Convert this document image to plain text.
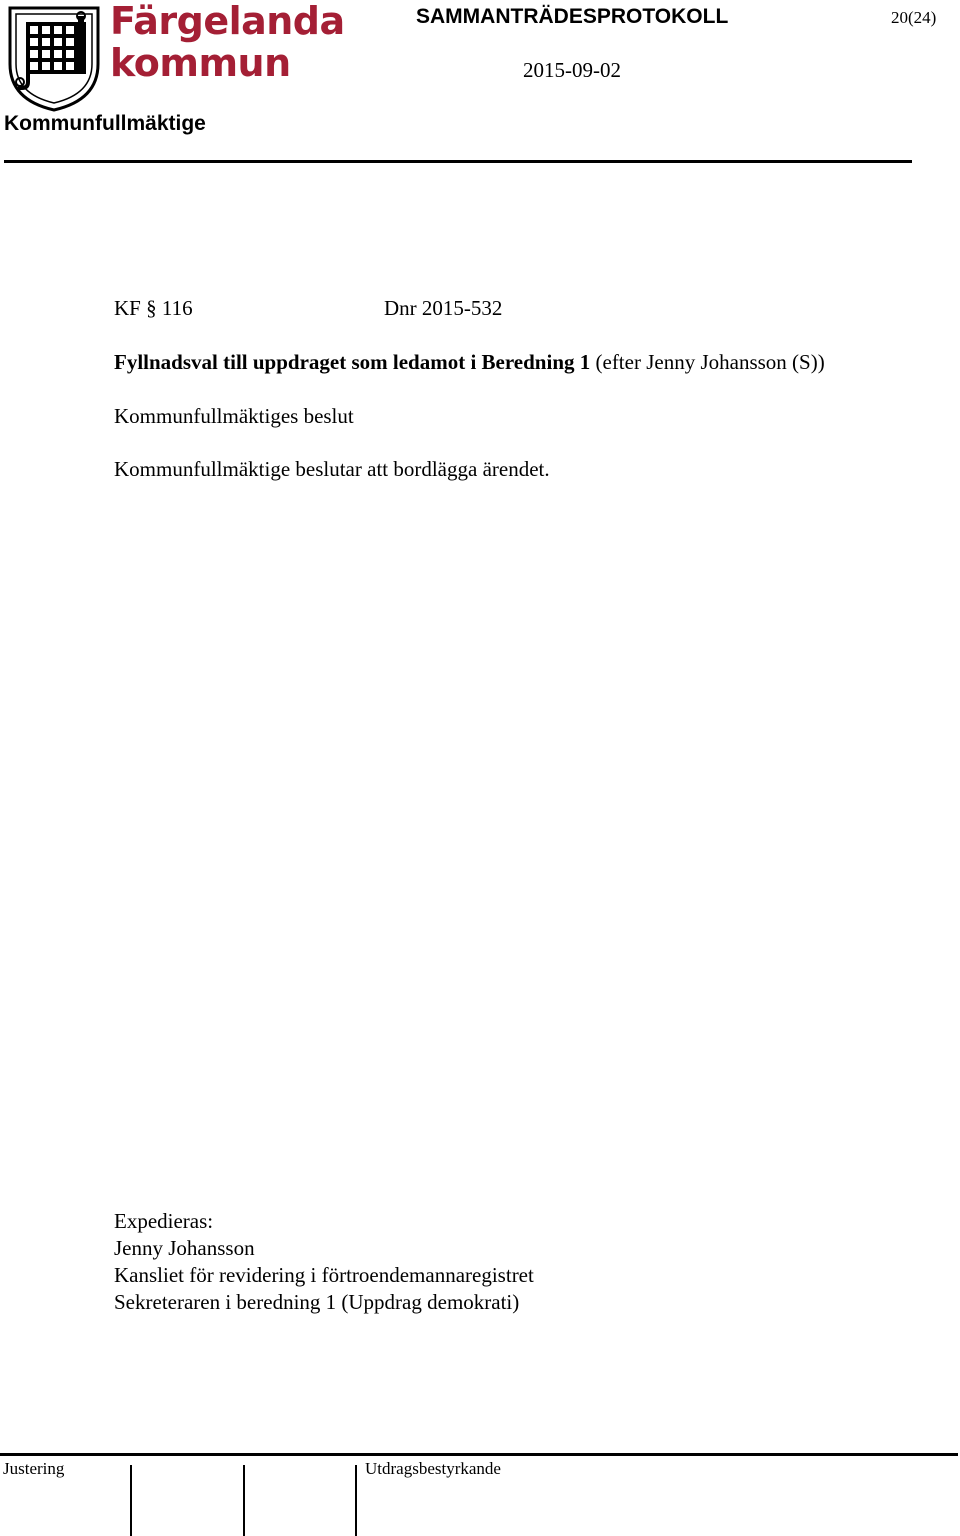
Färgelanda
kommun
Kommunfullmäktige
SAMMANTRÄDESPROTOKOLL	20(24)
2015-09-02
KF § 116	Dnr 2015-532
Fyllnadsval till uppdraget som ledamot i Beredning 1 (efter Jenny Johansson (S))
Kommunfullmäktiges beslut
Kommunfullmäktige beslutar att bordlägga ärendet.
Expedieras:
Jenny Johansson
Kansliet för revidering i förtroendemannaregistret
Sekreteraren i beredning 1 (Uppdrag demokrati)
Justering	Utdragsbestyrkande
